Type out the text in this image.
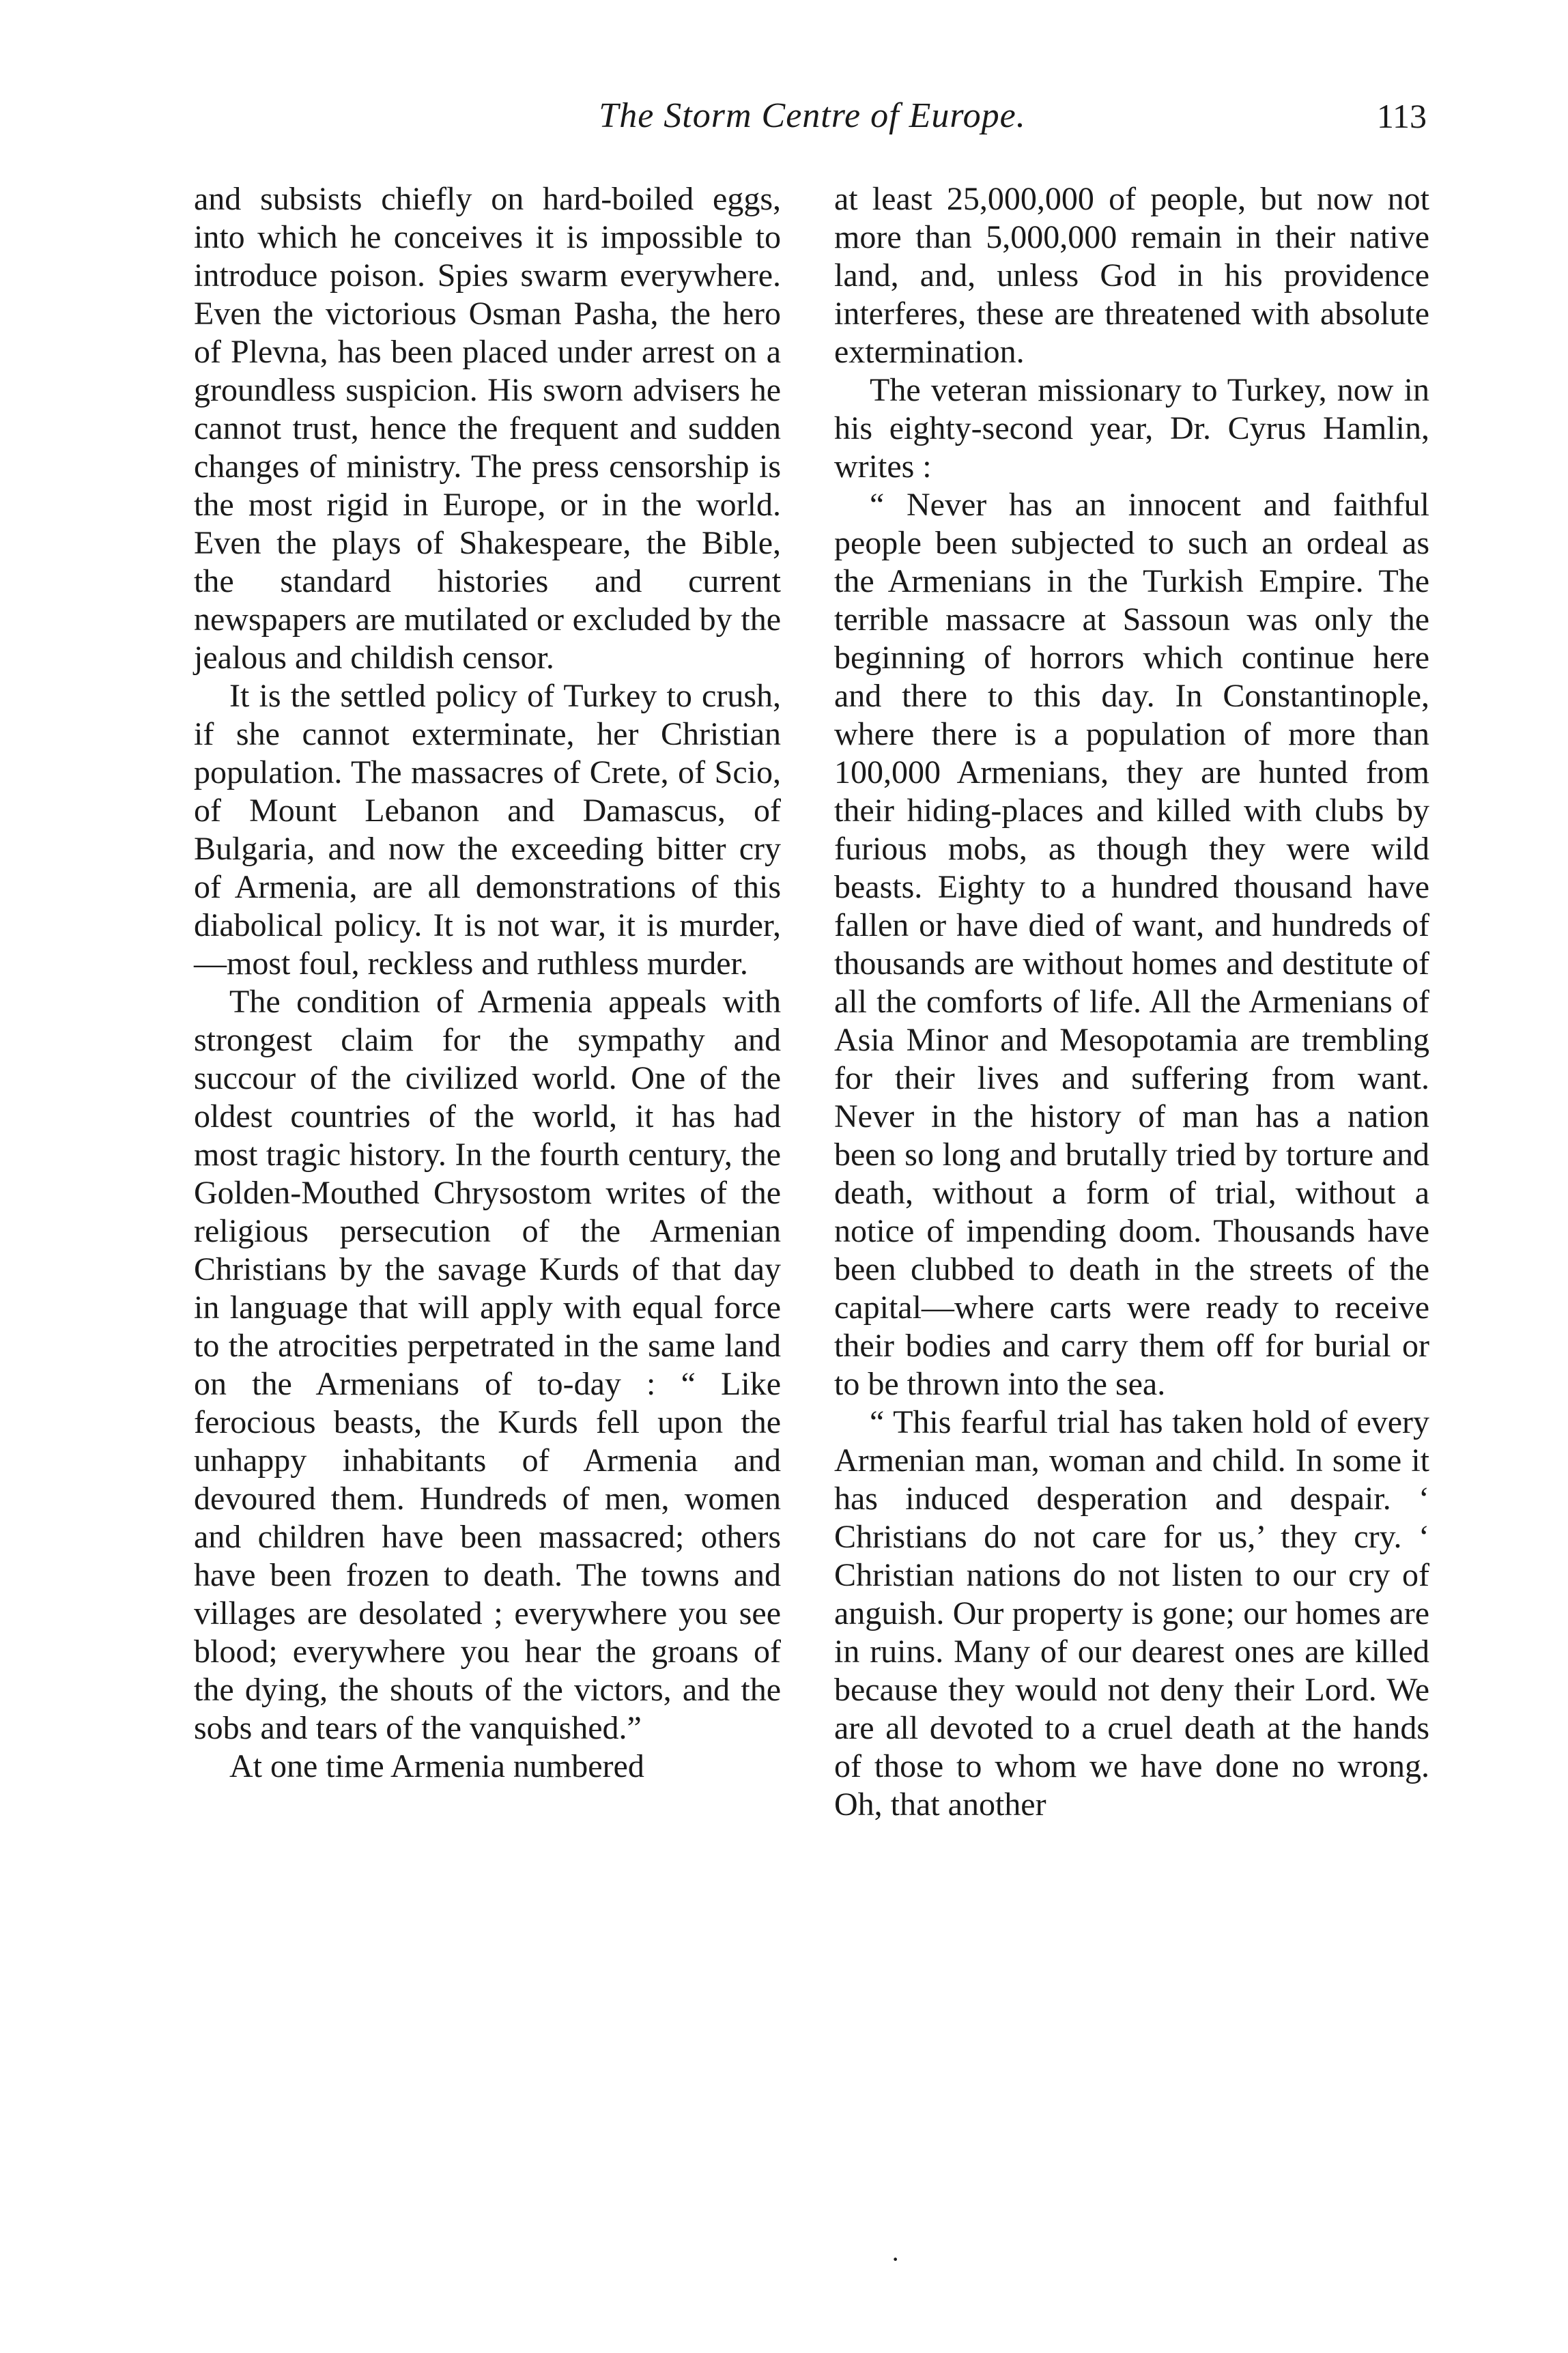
The Storm Centre of Europe.	113

and subsists chiefly on hard-boiled eggs, into which he conceives it is impossible to introduce poison. Spies swarm everywhere. Even the victorious Osman Pasha, the hero of Plevna, has been placed under arrest on a groundless suspicion. His sworn advisers he cannot trust, hence the frequent and sudden changes of ministry. The press censorship is the most rigid in Europe, or in the world. Even the plays of Shakespeare, the Bible, the standard histories and current newspapers are mutilated or excluded by the jealous and childish censor.

It is the settled policy of Turkey to crush, if she cannot exterminate, her Christian population. The massacres of Crete, of Scio, of Mount Lebanon and Damascus, of Bulgaria, and now the exceeding bitter cry of Armenia, are all demonstrations of this diabolical policy. It is not war, it is murder,—most foul, reckless and ruthless murder.

The condition of Armenia appeals with strongest claim for the sympathy and succour of the civilized world. One of the oldest countries of the world, it has had most tragic history. In the fourth century, the Golden-Mouthed Chrysostom writes of the religious persecution of the Armenian Christians by the savage Kurds of that day in language that will apply with equal force to the atrocities perpetrated in the same land on the Armenians of to-day : “ Like ferocious beasts, the Kurds fell upon the unhappy inhabitants of Armenia and devoured them. Hundreds of men, women and children have been massacred; others have been frozen to death. The towns and villages are desolated ; everywhere you see blood; everywhere you hear the groans of the dying, the shouts of the victors, and the sobs and tears of the vanquished.”

At one time Armenia numbered

at least 25,000,000 of people, but now not more than 5,000,000 remain in their native land, and, unless God in his providence interferes, these are threatened with absolute extermination.

The veteran missionary to Turkey, now in his eighty-second year, Dr. Cyrus Hamlin, writes :

“ Never has an innocent and faithful people been subjected to such an ordeal as the Armenians in the Turkish Empire. The terrible massacre at Sassoun was only the beginning of horrors which continue here and there to this day. In Constantinople, where there is a population of more than 100,000 Armenians, they are hunted from their hiding-places and killed with clubs by furious mobs, as though they were wild beasts. Eighty to a hundred thousand have fallen or have died of want, and hundreds of thousands are without homes and destitute of all the comforts of life. All the Armenians of Asia Minor and Mesopotamia are trembling for their lives and suffering from want. Never in the history of man has a nation been so long and brutally tried by torture and death, without a form of trial, without a notice of impending doom. Thousands have been clubbed to death in the streets of the capital—where carts were ready to receive their bodies and carry them off for burial or to be thrown into the sea.

“ This fearful trial has taken hold of every Armenian man, woman and child. In some it has induced desperation and despair. ‘ Christians do not care for us,’ they cry. ‘ Christian nations do not listen to our cry of anguish. Our property is gone; our homes are in ruins. Many of our dearest ones are killed because they would not deny their Lord. We are all devoted to a cruel death at the hands of those to whom we have done no wrong. Oh, that another

·
